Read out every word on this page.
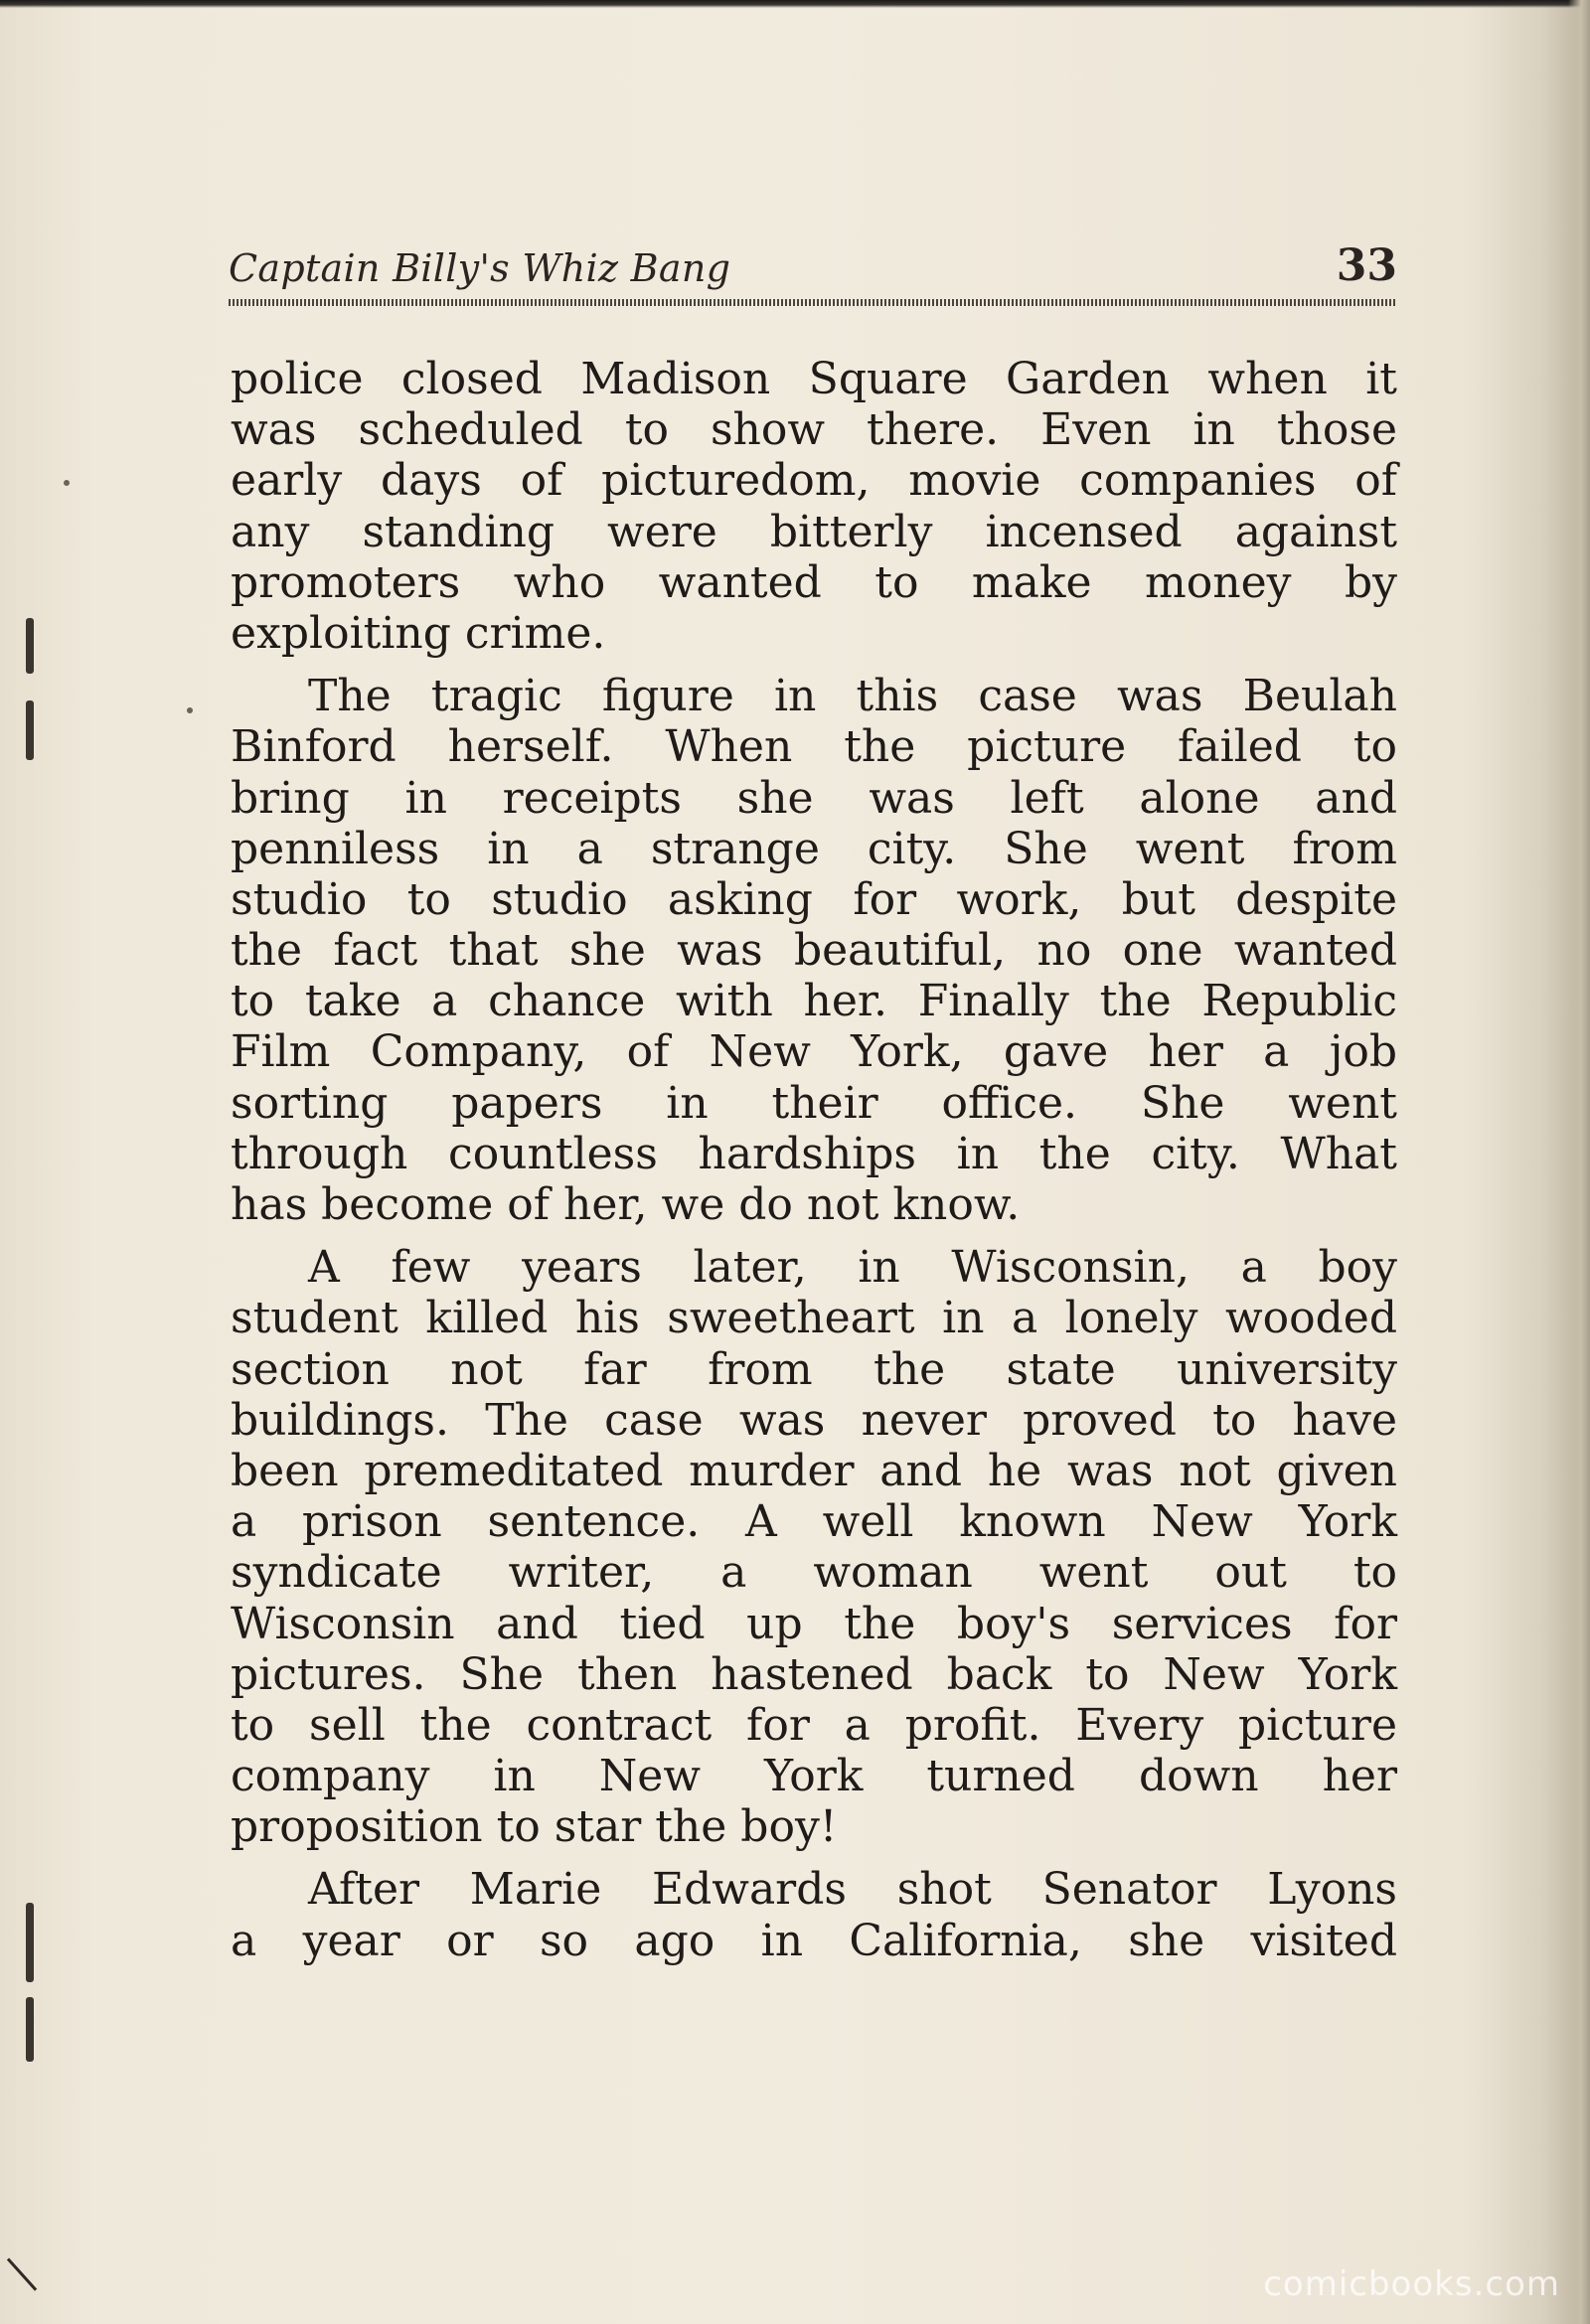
Captain Billy's Whiz Bang	33
police closed Madison Square Garden when it
was scheduled to show there. Even in those
early days of picturedom, movie companies of
any standing were bitterly incensed against
promoters who wanted to make money by
exploiting crime.
The tragic figure in this case was Beulah
Binford herself. When the picture failed to
bring in receipts she was left alone and
penniless in a strange city. She went from
studio to studio asking for work, but despite
the fact that she was beautiful, no one wanted
to take a chance with her. Finally the Republic
Film Company, of New York, gave her a job
sorting papers in their office. She went
through countless hardships in the city. What
has become of her, we do not know.
A few years later, in Wisconsin, a boy
student killed his sweetheart in a lonely wooded
section not far from the state university
buildings. The case was never proved to have
been premeditated murder and he was not given
a prison sentence. A well known New York
syndicate writer, a woman went out to
Wisconsin and tied up the boy's services for
pictures. She then hastened back to New York
to sell the contract for a profit. Every picture
company in New York turned down her
proposition to star the boy!
After Marie Edwards shot Senator Lyons
a year or so ago in California, she visited
comicbooks.com
